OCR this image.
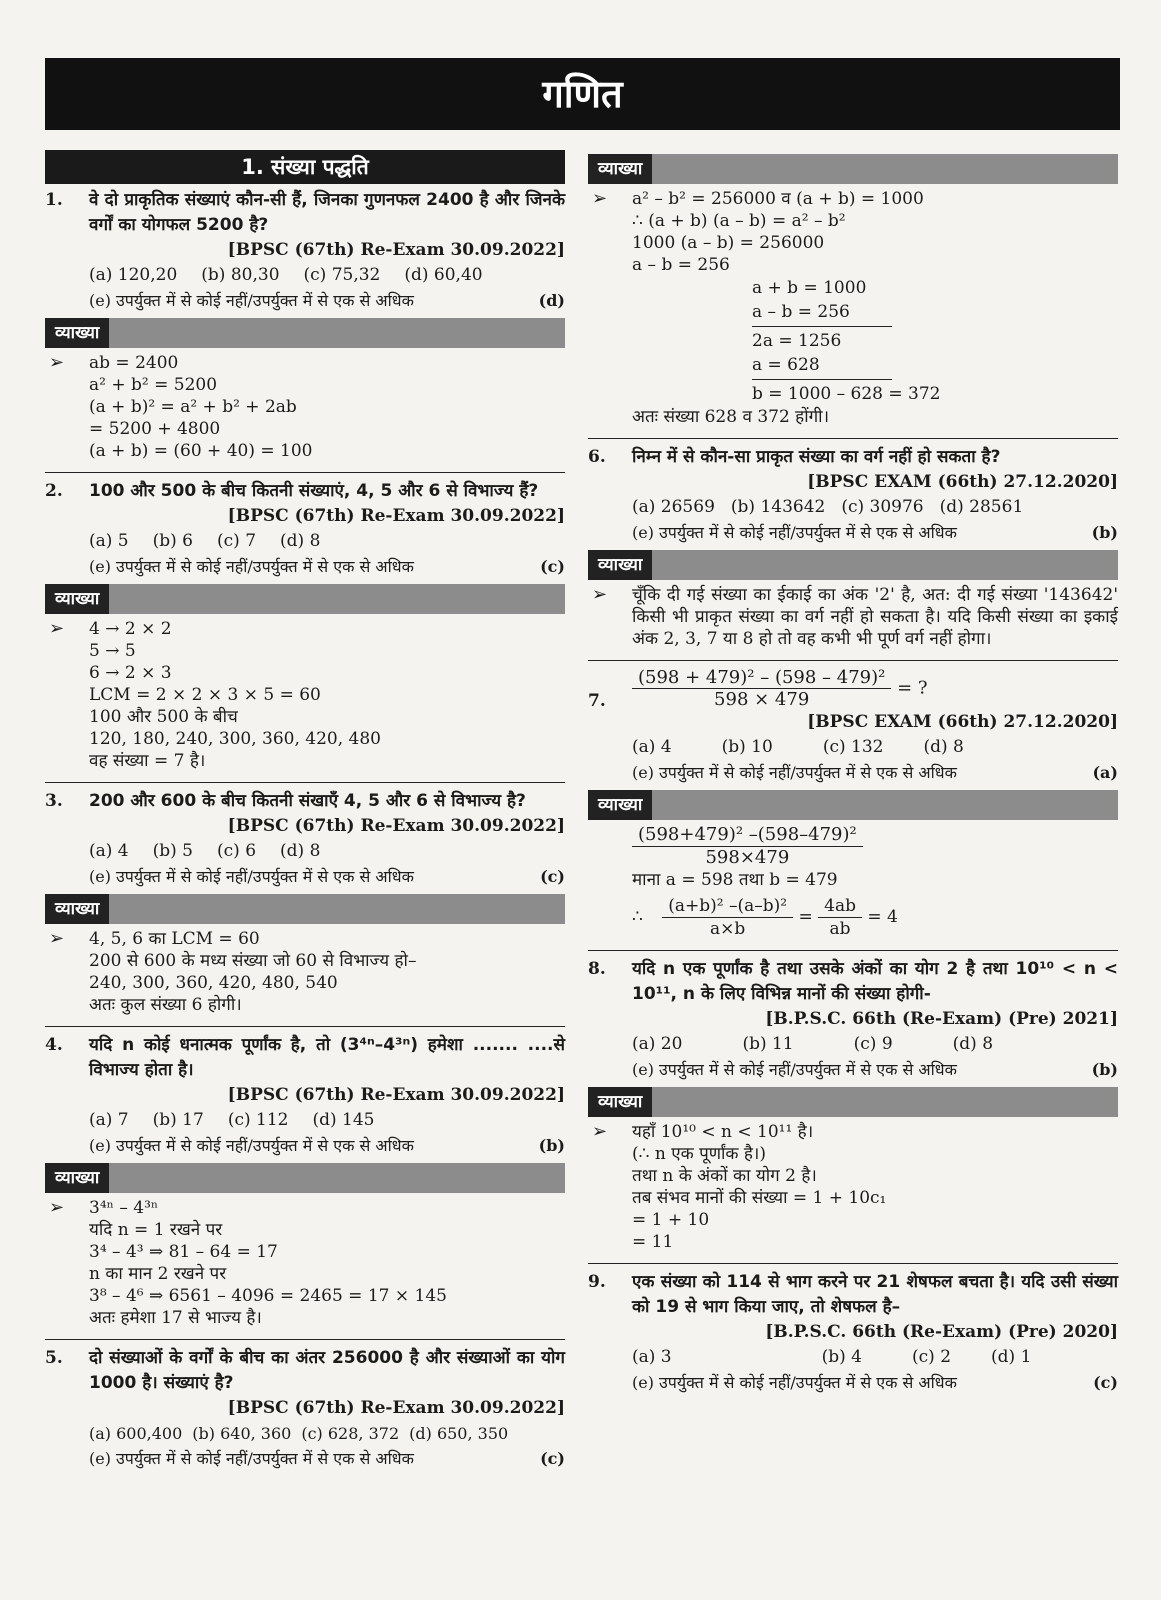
गणित
1. संख्या पद्धति
1. वे दो प्राकृतिक संख्याएं कौन-सी हैं, जिनका गुणनफल 2400 है और जिनके वर्गों का योगफल 5200 है?
[BPSC (67th) Re-Exam 30.09.2022]
(a) 120,20 (b) 80,30 (c) 75,32 (d) 60,40
(e) उपर्युक्त में से कोई नहीं/उपर्युक्त में से एक से अधिक	(d)
व्याख्या
➢ ab = 2400
a² + b² = 5200
(a + b)² = a² + b² + 2ab
= 5200 + 4800
(a + b) = (60 + 40) = 100
2. 100 और 500 के बीच कितनी संख्याएं, 4, 5 और 6 से विभाज्य हैं?
[BPSC (67th) Re-Exam 30.09.2022]
(a) 5 (b) 6 (c) 7 (d) 8
(e) उपर्युक्त में से कोई नहीं/उपर्युक्त में से एक से अधिक	(c)
व्याख्या
➢ 4 → 2 × 2
5 → 5
6 → 2 × 3
LCM = 2 × 2 × 3 × 5 = 60
100 और 500 के बीच
120, 180, 240, 300, 360, 420, 480
वह संख्या = 7 है।
3. 200 और 600 के बीच कितनी संखाएँ 4, 5 और 6 से विभाज्य है?
[BPSC (67th) Re-Exam 30.09.2022]
(a) 4 (b) 5 (c) 6 (d) 8
(e) उपर्युक्त में से कोई नहीं/उपर्युक्त में से एक से अधिक	(c)
व्याख्या
➢ 4, 5, 6 का LCM = 60
200 से 600 के मध्य संख्या जो 60 से विभाज्य हो–
240, 300, 360, 420, 480, 540
अतः कुल संख्या 6 होगी।
4. यदि n कोई धनात्मक पूर्णांक है, तो (3⁴ⁿ–4³ⁿ) हमेशा ....... ....से विभाज्य होता है।
[BPSC (67th) Re-Exam 30.09.2022]
(a) 7 (b) 17 (c) 112 (d) 145
(e) उपर्युक्त में से कोई नहीं/उपर्युक्त में से एक से अधिक	(b)
व्याख्या
➢ 3⁴ⁿ – 4³ⁿ
यदि n = 1 रखने पर
3⁴ – 4³ ⇒ 81 – 64 = 17
n का मान 2 रखने पर
3⁸ – 4⁶ ⇒ 6561 – 4096 = 2465 = 17 × 145
अतः हमेशा 17 से भाज्य है।
5. दो संख्याओं के वर्गों के बीच का अंतर 256000 है और संख्याओं का योग 1000 है। संख्याएं है?
[BPSC (67th) Re-Exam 30.09.2022]
(a) 600,400 (b) 640, 360 (c) 628, 372 (d) 650, 350
(e) उपर्युक्त में से कोई नहीं/उपर्युक्त में से एक से अधिक	(c)
व्याख्या
➢ a² – b² = 256000 व (a + b) = 1000
∴ (a + b) (a – b) = a² – b²
1000 (a – b) = 256000
a – b = 256
a + b = 1000
a – b = 256
2a = 1256
a = 628
b = 1000 – 628 = 372
अतः संख्या 628 व 372 होंगी।
6. निम्न में से कौन-सा प्राकृत संख्या का वर्ग नहीं हो सकता है?
[BPSC EXAM (66th) 27.12.2020]
(a) 26569 (b) 143642 (c) 30976 (d) 28561
(e) उपर्युक्त में से कोई नहीं/उपर्युक्त में से एक से अधिक	(b)
व्याख्या
➢ चूँकि दी गई संख्या का ईकाई का अंक '2' है, अत: दी गई संख्या '143642' किसी भी प्राकृत संख्या का वर्ग नहीं हो सकता है। यदि किसी संख्या का इकाई अंक 2, 3, 7 या 8 हो तो वह कभी भी पूर्ण वर्ग नहीं होगा।
7. $\frac{\text{(598 + 479)² – (598 – 479)²}}{598 \times 479}$ = ?
[BPSC EXAM (66th) 27.12.2020]
(a) 4	(b) 10	(c) 132 (d) 8
(e) उपर्युक्त में से कोई नहीं/उपर्युक्त में से एक से अधिक	(a)
व्याख्या
$\frac{\text{(598+479)² –(598–479)²}}{598\times 479}$
माना a = 598 तथा b = 479
∴ $\frac{\text{(a+b)² –(a–b)²}}{a\times b} = \frac{4ab}{ab} = 4$
8. यदि n एक पूर्णांक है तथा उसके अंकों का योग 2 है तथा 10¹⁰ < n < 10¹¹, n के लिए विभिन्न मानों की संख्या होगी-
[B.P.S.C. 66th (Re-Exam) (Pre) 2021]
(a) 20	(b) 11	(c) 9	(d) 8
(e) उपर्युक्त में से कोई नहीं/उपर्युक्त में से एक से अधिक	(b)
व्याख्या
➢ यहाँ 10¹⁰ < n < 10¹¹ है।
(∴ n एक पूर्णांक है।)
तथा n के अंकों का योग 2 है।
तब संभव मानों की संख्या = 1 + 10c₁
= 1 + 10
= 11
9. एक संख्या को 114 से भाग करने पर 21 शेषफल बचता है। यदि उसी संख्या को 19 से भाग किया जाए, तो शेषफल है–
[B.P.S.C. 66th (Re-Exam) (Pre) 2020]
(a) 3	(b) 4	(c) 2 (d) 1
(e) उपर्युक्त में से कोई नहीं/उपर्युक्त में से एक से अधिक	(c)
